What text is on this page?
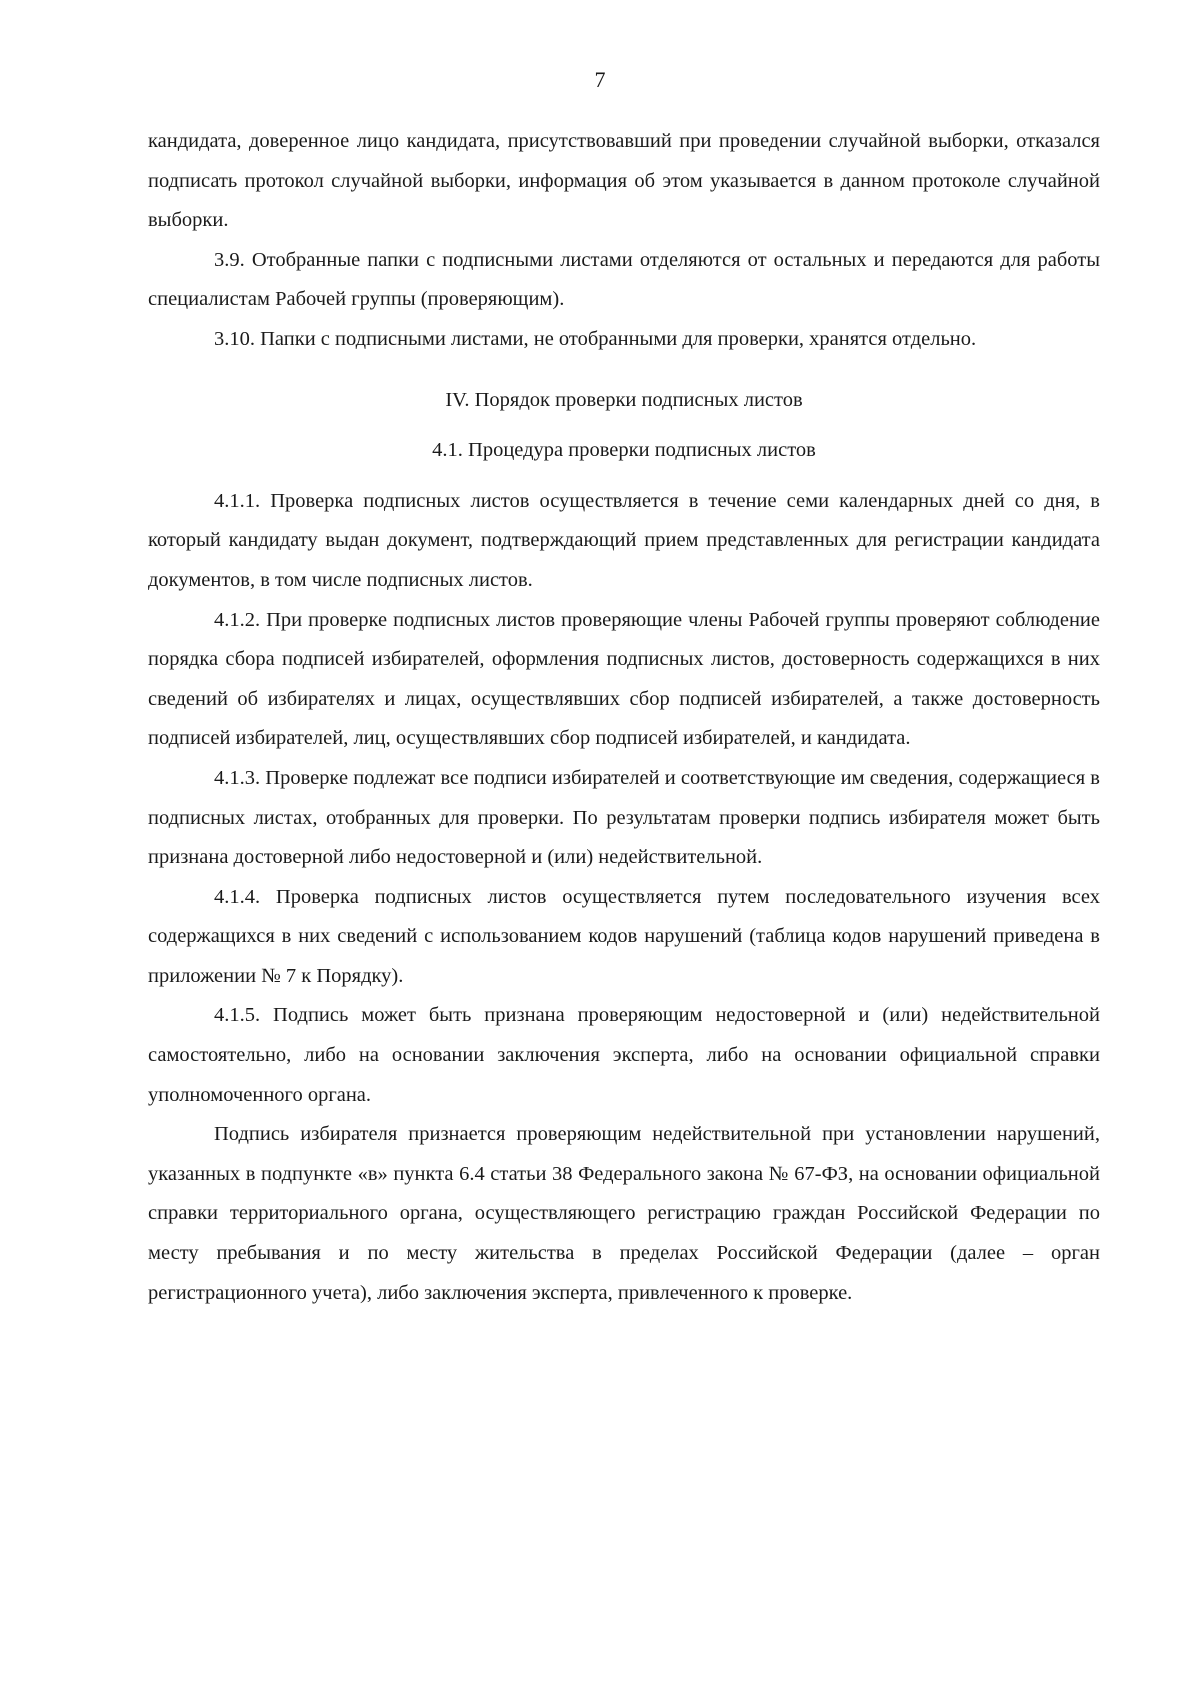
7

кандидата, доверенное лицо кандидата, присутствовавший при проведении случайной выборки, отказался подписать протокол случайной выборки, информация об этом указывается в данном протоколе случайной выборки.

3.9. Отобранные папки с подписными листами отделяются от остальных и передаются для работы специалистам Рабочей группы (проверяющим).

3.10. Папки с подписными листами, не отобранными для проверки, хранятся отдельно.

IV. Порядок проверки подписных листов

4.1. Процедура проверки подписных листов

4.1.1. Проверка подписных листов осуществляется в течение семи календарных дней со дня, в который кандидату выдан документ, подтверждающий прием представленных для регистрации кандидата документов, в том числе подписных листов.

4.1.2. При проверке подписных листов проверяющие члены Рабочей группы проверяют соблюдение порядка сбора подписей избирателей, оформления подписных листов, достоверность содержащихся в них сведений об избирателях и лицах, осуществлявших сбор подписей избирателей, а также достоверность подписей избирателей, лиц, осуществлявших сбор подписей избирателей, и кандидата.

4.1.3. Проверке подлежат все подписи избирателей и соответствующие им сведения, содержащиеся в подписных листах, отобранных для проверки. По результатам проверки подпись избирателя может быть признана достоверной либо недостоверной и (или) недействительной.

4.1.4. Проверка подписных листов осуществляется путем последовательного изучения всех содержащихся в них сведений с использованием кодов нарушений (таблица кодов нарушений приведена в приложении № 7 к Порядку).

4.1.5. Подпись может быть признана проверяющим недостоверной и (или) недействительной самостоятельно, либо на основании заключения эксперта, либо на основании официальной справки уполномоченного органа.

Подпись избирателя признается проверяющим недействительной при установлении нарушений, указанных в подпункте «в» пункта 6.4 статьи 38 Федерального закона № 67-ФЗ, на основании официальной справки территориального органа, осуществляющего регистрацию граждан Российской Федерации по месту пребывания и по месту жительства в пределах Российской Федерации (далее – орган регистрационного учета), либо заключения эксперта, привлеченного к проверке.
